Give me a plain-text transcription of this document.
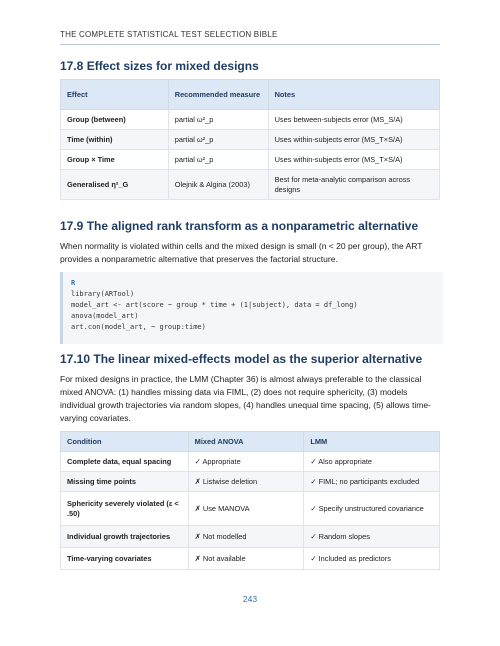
THE COMPLETE STATISTICAL TEST SELECTION BIBLE
17.8 Effect sizes for mixed designs
Effect	Recommended measure	Notes
Group (between)	partial ω²_p	Uses between-subjects error (MS_S/A)
Time (within)	partial ω²_p	Uses within-subjects error (MS_T×S/A)
Group × Time	partial ω²_p	Uses within-subjects error (MS_T×S/A)
Generalised η²_G	Olejnik & Algina (2003)	Best for meta-analytic comparison across designs
17.9 The aligned rank transform as a nonparametric alternative

When normality is violated within cells and the mixed design is small (n < 20 per group), the ART provides a nonparametric alternative that preserves the factorial structure.

R
library(ARTool)
model_art <- art(score ~ group * time + (1|subject), data = df_long)
anova(model_art)
art.con(model_art, ~ group:time)
17.10 The linear mixed-effects model as the superior alternative

For mixed designs in practice, the LMM (Chapter 36) is almost always preferable to the classical mixed ANOVA: (1) handles missing data via FIML, (2) does not require sphericity, (3) models individual growth trajectories via random slopes, (4) handles unequal time spacing, (5) allows time-varying covariates.

Condition	Mixed ANOVA	LMM
Complete data, equal spacing	✓ Appropriate	✓ Also appropriate
Missing time points	✗ Listwise deletion	✓ FIML; no participants excluded
Sphericity severely violated (ε < .50)	✗ Use MANOVA	✓ Specify unstructured covariance
Individual growth trajectories	✗ Not modelled	✓ Random slopes
Time-varying covariates	✗ Not available	✓ Included as predictors
243
